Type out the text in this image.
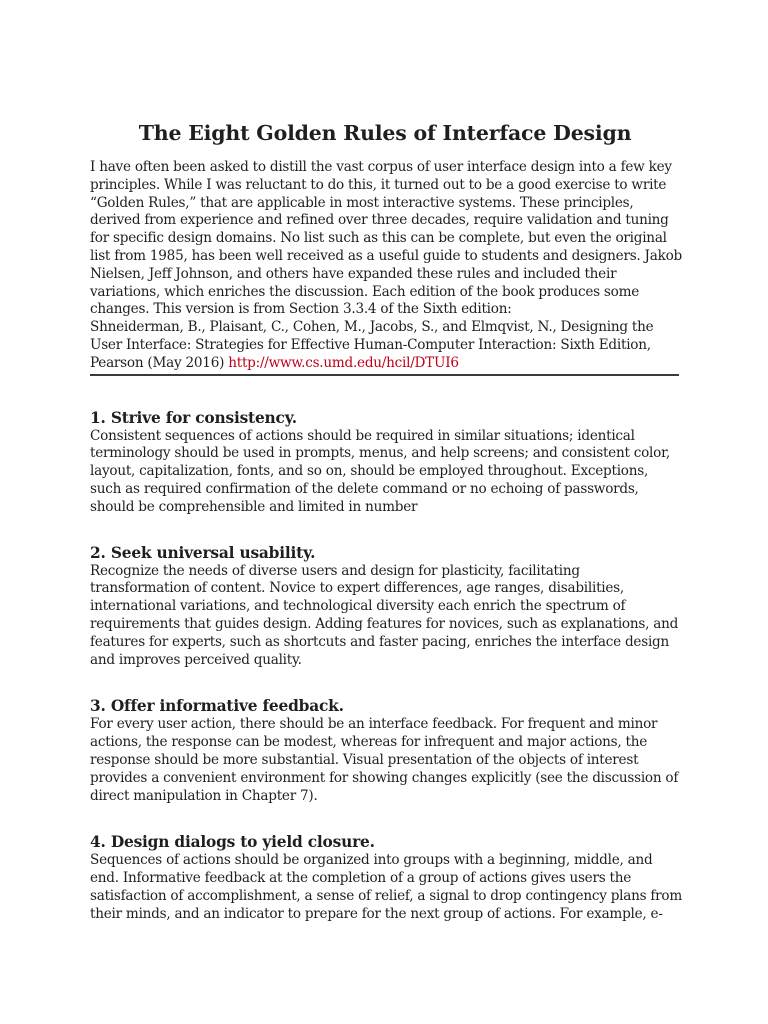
The Eight Golden Rules of Interface Design
I have often been asked to distill the vast corpus of user interface design into a few key
principles. While I was reluctant to do this, it turned out to be a good exercise to write
“Golden Rules,” that are applicable in most interactive systems. These principles,
derived from experience and refined over three decades, require validation and tuning
for specific design domains. No list such as this can be complete, but even the original
list from 1985, has been well received as a useful guide to students and designers. Jakob
Nielsen, Jeff Johnson, and others have expanded these rules and included their
variations, which enriches the discussion. Each edition of the book produces some
changes. This version is from Section 3.3.4 of the Sixth edition:
Shneiderman, B., Plaisant, C., Cohen, M., Jacobs, S., and Elmqvist, N., Designing the
User Interface: Strategies for Effective Human-Computer Interaction: Sixth Edition,
Pearson (May 2016) http://www.cs.umd.edu/hcil/DTUI6
1. Strive for consistency.
Consistent sequences of actions should be required in similar situations; identical
terminology should be used in prompts, menus, and help screens; and consistent color,
layout, capitalization, fonts, and so on, should be employed throughout. Exceptions,
such as required confirmation of the delete command or no echoing of passwords,
should be comprehensible and limited in number
2. Seek universal usability.
Recognize the needs of diverse users and design for plasticity, facilitating
transformation of content. Novice to expert differences, age ranges, disabilities,
international variations, and technological diversity each enrich the spectrum of
requirements that guides design. Adding features for novices, such as explanations, and
features for experts, such as shortcuts and faster pacing, enriches the interface design
and improves perceived quality.
3. Offer informative feedback.
For every user action, there should be an interface feedback. For frequent and minor
actions, the response can be modest, whereas for infrequent and major actions, the
response should be more substantial. Visual presentation of the objects of interest
provides a convenient environment for showing changes explicitly (see the discussion of
direct manipulation in Chapter 7).
4. Design dialogs to yield closure.
Sequences of actions should be organized into groups with a beginning, middle, and
end. Informative feedback at the completion of a group of actions gives users the
satisfaction of accomplishment, a sense of relief, a signal to drop contingency plans from
their minds, and an indicator to prepare for the next group of actions. For example, e-
